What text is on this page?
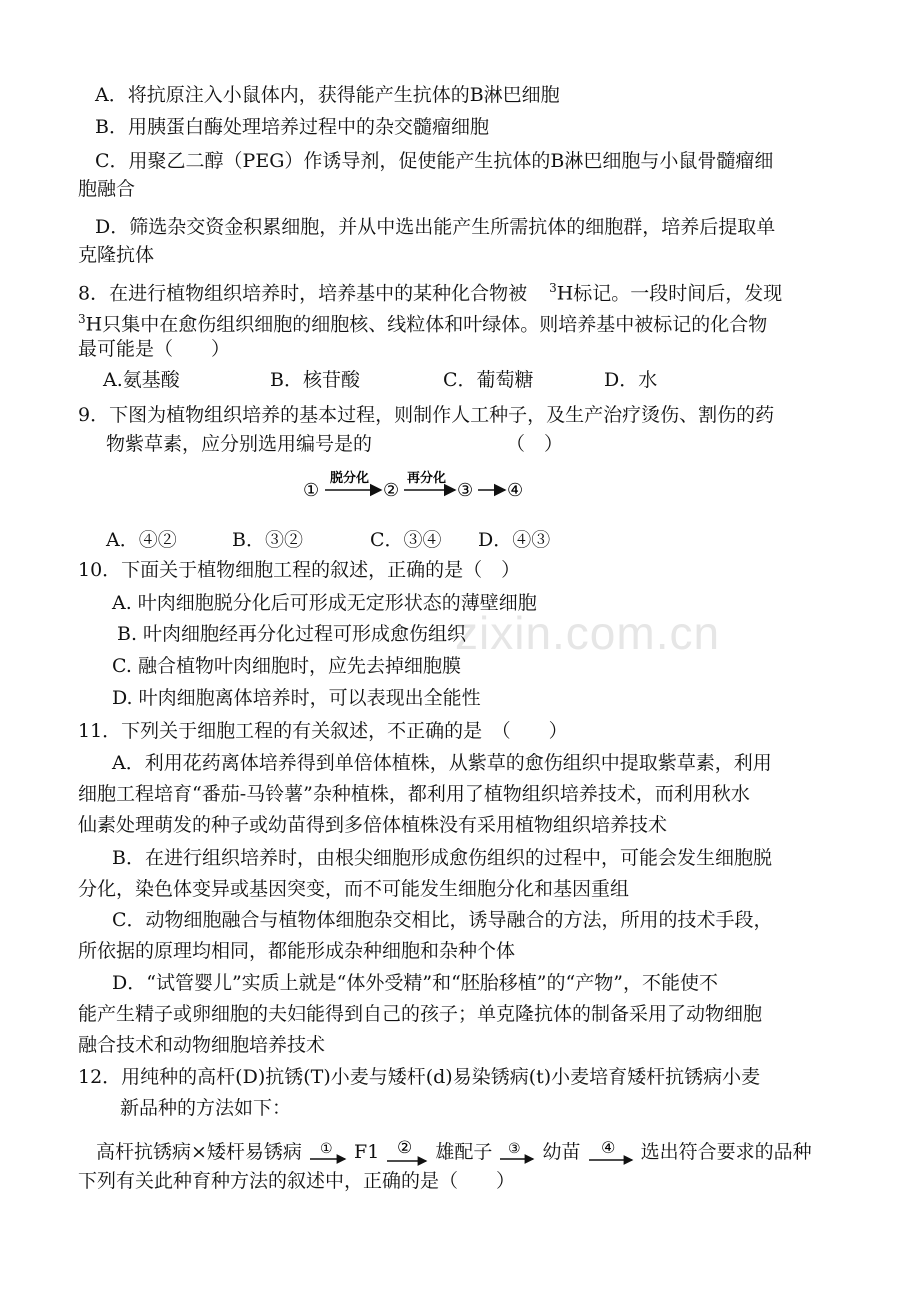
zixin.com.cn
A．将抗原注入小鼠体内，获得能产生抗体的B淋巴细胞
B．用胰蛋白酶处理培养过程中的杂交髓瘤细胞
C．用聚乙二醇（PEG）作诱导剂，促使能产生抗体的B淋巴细胞与小鼠骨髓瘤细
胞融合
D．筛选杂交资金积累细胞，并从中选出能产生所需抗体的细胞群，培养后提取单
克隆抗体
8．在进行植物组织培养时，培养基中的某种化合物被 $^3$H标记。一段时间后，发现
$^3$H只集中在愈伤组织细胞的细胞核、线粒体和叶绿体。则培养基中被标记的化合物
最可能是（　　）
A.氨基酸	B．核苷酸	C．葡萄糖	D．水
9．下图为植物组织培养的基本过程，则制作人工种子，及生产治疗烫伤、割伤的药
物紫草素，应分别选用编号是的	（　）
①
脱分化
②
再分化
③ ④
A．④②	B．③②	C．③④ D．④③
10．下面关于植物细胞工程的叙述，正确的是（　）
A. 叶肉细胞脱分化后可形成无定形状态的薄壁细胞
B. 叶肉细胞经再分化过程可形成愈伤组织
C. 融合植物叶肉细胞时，应先去掉细胞膜
D. 叶肉细胞离体培养时，可以表现出全能性
11．下列关于细胞工程的有关叙述，不正确的是　（　　）
A．利用花药离体培养得到单倍体植株，从紫草的愈伤组织中提取紫草素，利用
细胞工程培育“番茄-马铃薯”杂种植株，都利用了植物组织培养技术，而利用秋水
仙素处理萌发的种子或幼苗得到多倍体植株没有采用植物组织培养技术
B．在进行组织培养时，由根尖细胞形成愈伤组织的过程中，可能会发生细胞脱
分化，染色体变异或基因突变，而不可能发生细胞分化和基因重组
C．动物细胞融合与植物体细胞杂交相比，诱导融合的方法，所用的技术手段，
所依据的原理均相同，都能形成杂种细胞和杂种个体
D．“试管婴儿”实质上就是“体外受精”和“胚胎移植”的“产物”，不能使不
能产生精子或卵细胞的夫妇能得到自己的孩子；单克隆抗体的制备采用了动物细胞
融合技术和动物细胞培养技术
12．用纯种的高杆(D)抗锈(T)小麦与矮杆(d)易染锈病(t)小麦培育矮杆抗锈病小麦
新品种的方法如下：
高杆抗锈病×矮杆易锈病 ① F1 ② 雄配子 ③ 幼苗 ④ 选出符合要求的品种
下列有关此种育种方法的叙述中，正确的是（　　）
